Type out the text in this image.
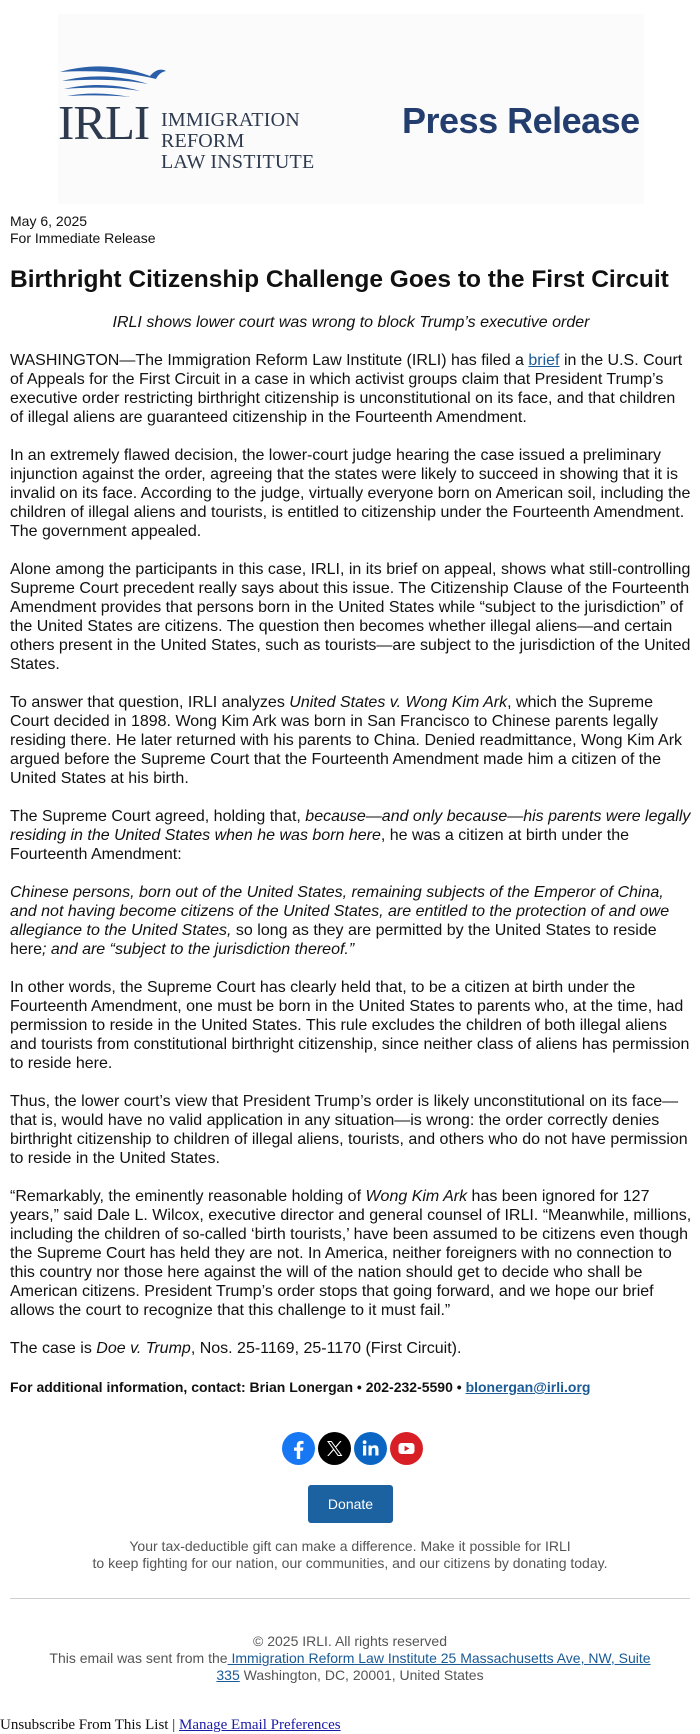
IRLI IMMIGRATION REFORM
LAW INSTITUTE
Press Release

May 6, 2025

For Immediate Release

Birthright Citizenship Challenge Goes to the First Circuit

IRLI shows lower court was wrong to block Trump’s executive order

WASHINGTON—The Immigration Reform Law Institute (IRLI) has filed a brief in the U.S. Court of Appeals for the First Circuit in a case in which activist groups claim that President Trump’s executive order restricting birthright citizenship is unconstitutional on its face, and that children of illegal aliens are guaranteed citizenship in the Fourteenth Amendment.

In an extremely flawed decision, the lower-court judge hearing the case issued a preliminary injunction against the order, agreeing that the states were likely to succeed in showing that it is invalid on its face. According to the judge, virtually everyone born on American soil, including the children of illegal aliens and tourists, is entitled to citizenship under the Fourteenth Amendment. The government appealed.

Alone among the participants in this case, IRLI, in its brief on appeal, shows what still-controlling Supreme Court precedent really says about this issue. The Citizenship Clause of the Fourteenth Amendment provides that persons born in the United States while “subject to the jurisdiction” of the United States are citizens. The question then becomes whether illegal aliens—and certain others present in the United States, such as tourists—are subject to the jurisdiction of the United States.

To answer that question, IRLI analyzes United States v. Wong Kim Ark, which the Supreme Court decided in 1898. Wong Kim Ark was born in San Francisco to Chinese parents legally residing there. He later returned with his parents to China. Denied readmittance, Wong Kim Ark argued before the Supreme Court that the Fourteenth Amendment made him a citizen of the United States at his birth.

The Supreme Court agreed, holding that, because—and only because—his parents were legally residing in the United States when he was born here, he was a citizen at birth under the Fourteenth Amendment:

Chinese persons, born out of the United States, remaining subjects of the Emperor of China, and not having become citizens of the United States, are entitled to the protection of and owe allegiance to the United States, so long as they are permitted by the United States to reside here; and are “subject to the jurisdiction thereof.”

In other words, the Supreme Court has clearly held that, to be a citizen at birth under the Fourteenth Amendment, one must be born in the United States to parents who, at the time, had permission to reside in the United States. This rule excludes the children of both illegal aliens and tourists from constitutional birthright citizenship, since neither class of aliens has permission to reside here.

Thus, the lower court’s view that President Trump’s order is likely unconstitutional on its face—that is, would have no valid application in any situation—is wrong: the order correctly denies birthright citizenship to children of illegal aliens, tourists, and others who do not have permission to reside in the United States.

“Remarkably, the eminently reasonable holding of Wong Kim Ark has been ignored for 127 years,” said Dale L. Wilcox, executive director and general counsel of IRLI. “Meanwhile, millions, including the children of so-called ‘birth tourists,’ have been assumed to be citizens even though the Supreme Court has held they are not. In America, neither foreigners with no connection to this country nor those here against the will of the nation should get to decide who shall be American citizens. President Trump’s order stops that going forward, and we hope our brief allows the court to recognize that this challenge to it must fail.”

The case is Doe v. Trump, Nos. 25-1169, 25-1170 (First Circuit).

For additional information, contact: Brian Lonergan • 202-232-5590 • blonergan@irli.org

Donate
Your tax-deductible gift can make a difference. Make it possible for IRLI
to keep fighting for our nation, our communities, and our citizens by donating today.
© 2025 IRLI. All rights reserved
This email was sent from the Immigration Reform Law Institute 25 Massachusetts Ave, NW, Suite 335 Washington, DC, 20001, United States
Unsubscribe From This List | Manage Email Preferences
